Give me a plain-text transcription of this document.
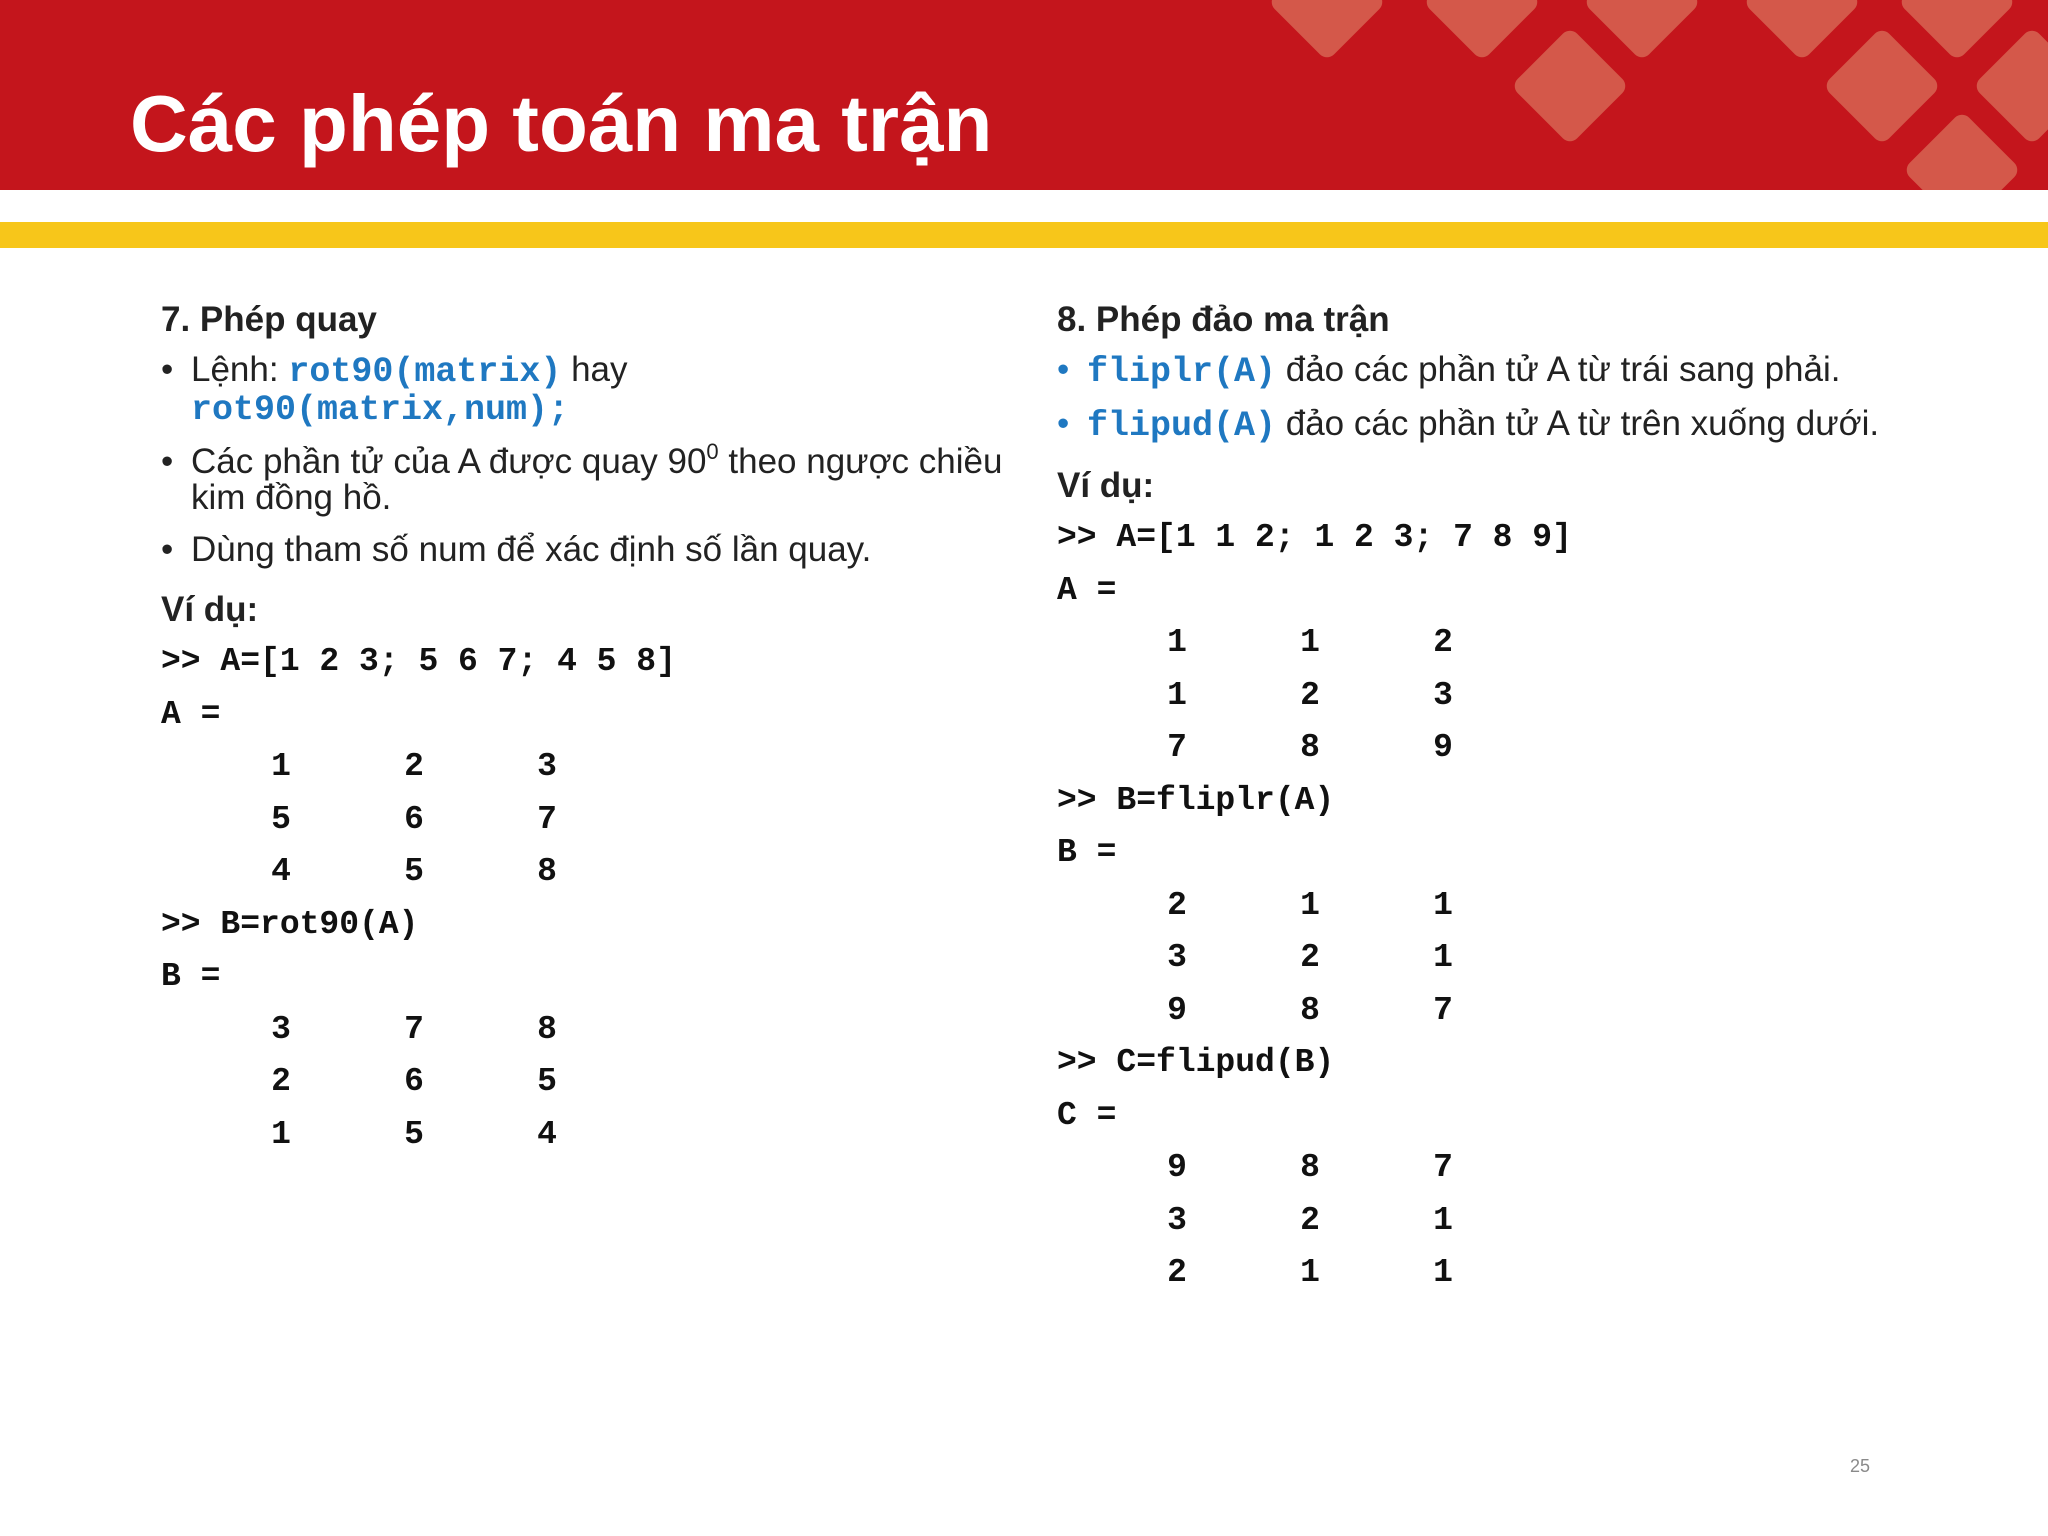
Các phép toán ma trận
7. Phép quay
• Lệnh: rot90(matrix) hay
rot90(matrix,num);
• Các phần tử của A được quay $90^0$ theo ngược chiều kim đồng hồ.
• Dùng tham số num để xác định số lần quay.
Ví dụ:
>> A=[1 2 3; 5 6 7; 4 5 8]
A =
1	2	3
5	6	7
4	5	8
>> B=rot90(A)
B =
3	7	8
2	6	5
1	5	4
8. Phép đảo ma trận
• fliplr(A) đảo các phần tử A từ trái sang phải.
• flipud(A) đảo các phần tử A từ trên xuống dưới.
Ví dụ:
>> A=[1 1 2; 1 2 3; 7 8 9]
A =
1	1	2
1	2	3
7	8	9
>> B=fliplr(A)
B =
2	1	1
3	2	1
9	8	7
>> C=flipud(B)
C =
9	8	7
3	2	1
2	1	1
25
